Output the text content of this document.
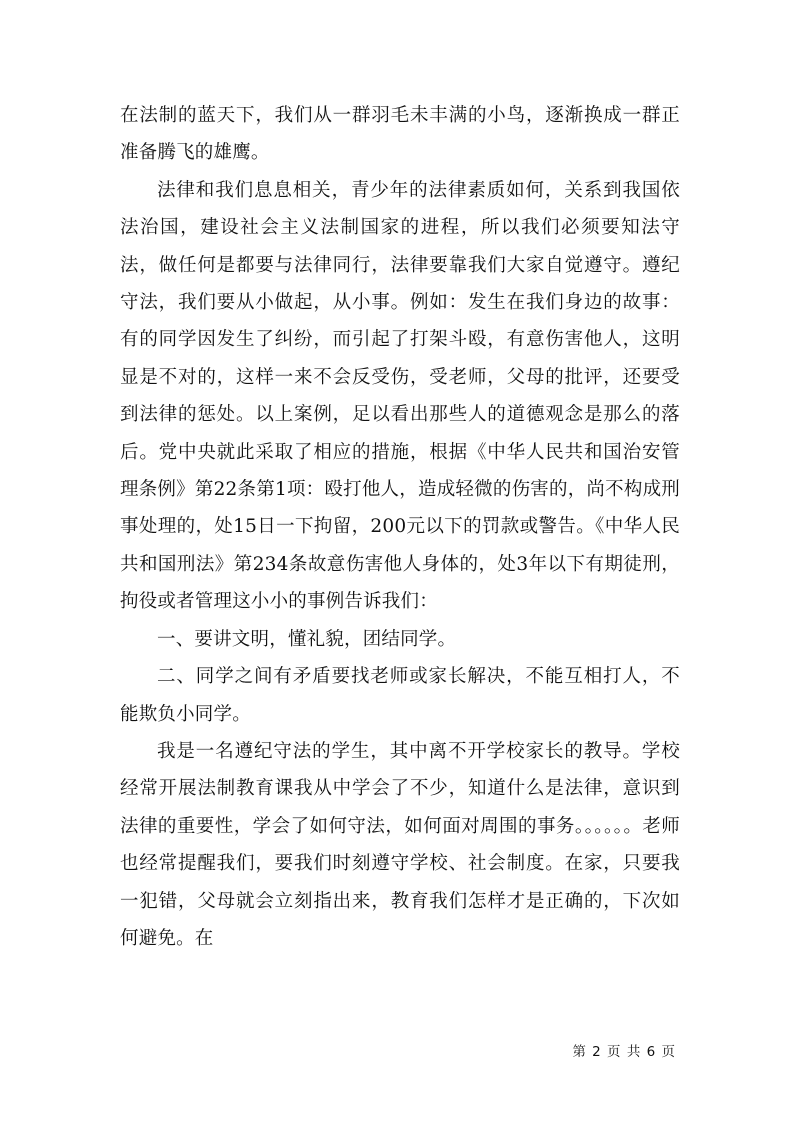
在法制的蓝天下，我们从一群羽毛未丰满的小鸟，逐渐换成一群正准备腾飞的雄鹰。

法律和我们息息相关，青少年的法律素质如何，关系到我国依法治国，建设社会主义法制国家的进程，所以我们必须要知法守法，做任何是都要与法律同行，法律要靠我们大家自觉遵守。遵纪守法，我们要从小做起，从小事。例如：发生在我们身边的故事：有的同学因发生了纠纷，而引起了打架斗殴，有意伤害他人，这明显是不对的，这样一来不会反受伤，受老师，父母的批评，还要受到法律的惩处。以上案例，足以看出那些人的道德观念是那么的落后。党中央就此采取了相应的措施，根据《中华人民共和国治安管理条例》第22条第1项：殴打他人，造成轻微的伤害的，尚不构成刑事处理的，处15日一下拘留，200元以下的罚款或警告。《中华人民共和国刑法》第234条故意伤害他人身体的，处3年以下有期徒刑，拘役或者管理这小小的事例告诉我们：

一、要讲文明，懂礼貌，团结同学。

二、同学之间有矛盾要找老师或家长解决，不能互相打人，不能欺负小同学。

我是一名遵纪守法的学生，其中离不开学校家长的教导。学校经常开展法制教育课我从中学会了不少，知道什么是法律，意识到法律的重要性，学会了如何守法，如何面对周围的事务。。。。。。老师也经常提醒我们，要我们时刻遵守学校、社会制度。在家，只要我一犯错，父母就会立刻指出来，教育我们怎样才是正确的，下次如何避免。在

第 2 页 共 6 页
